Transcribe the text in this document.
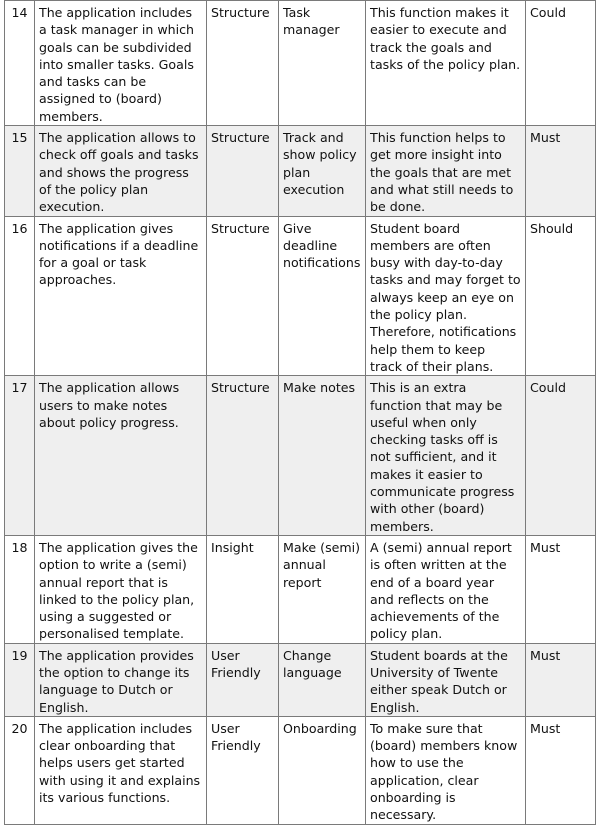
14	The application includes a task manager in which goals can be subdivided into smaller tasks. Goals and tasks can be assigned to (board) members.	Structure	Task manager	This function makes it easier to execute and track the goals and tasks of the policy plan.	Could
15	The application allows to check off goals and tasks and shows the progress of the policy plan execution.	Structure	Track and show policy plan execution	This function helps to get more insight into the goals that are met and what still needs to be done.	Must
16	The application gives notifications if a deadline for a goal or task approaches.	Structure	Give deadline notifications	Student board members are often busy with day-to-day tasks and may forget to always keep an eye on the policy plan. Therefore, notifications help them to keep track of their plans.	Should
17	The application allows users to make notes about policy progress.	Structure	Make notes	This is an extra function that may be useful when only checking tasks off is not sufficient, and it makes it easier to communicate progress with other (board) members.	Could
18	The application gives the option to write a (semi) annual report that is linked to the policy plan, using a suggested or personalised template.	Insight	Make (semi) annual report	A (semi) annual report is often written at the end of a board year and reflects on the achievements of the policy plan.	Must
19	The application provides the option to change its language to Dutch or English.	User Friendly	Change language	Student boards at the University of Twente either speak Dutch or English.	Must
20	The application includes clear onboarding that helps users get started with using it and explains its various functions.	User Friendly	Onboarding	To make sure that (board) members know how to use the application, clear onboarding is necessary.	Must
